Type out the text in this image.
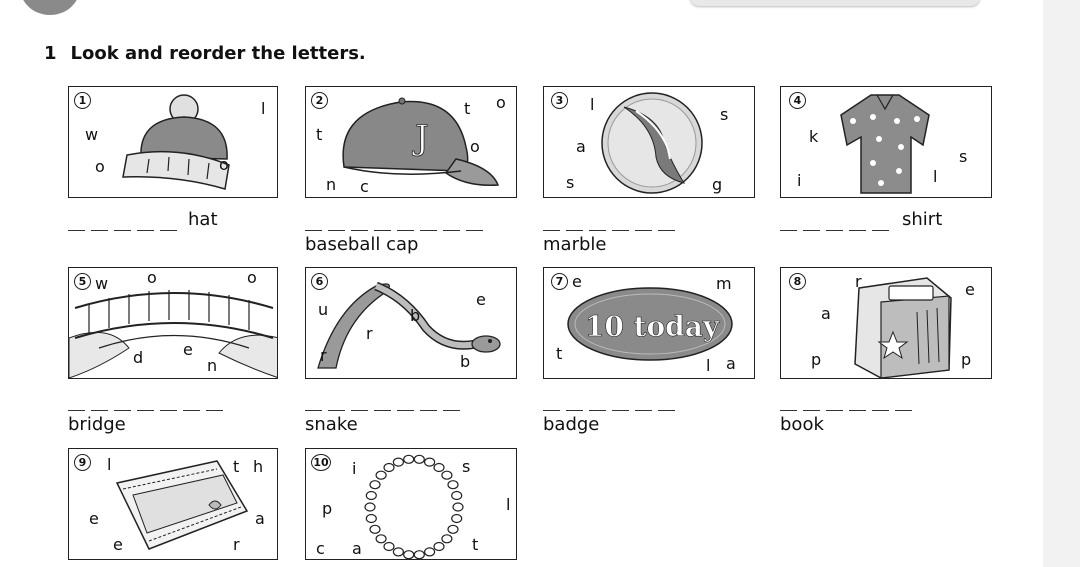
1 Look and reorder the letters.
1	l
w
o	o
hat
J
2	t o
t
o
n c
baseball cap
3 l
s
a
s	g
marble
4
k
s
i	l
shirt
5 w o	o
d e
n
bridge
6
u
e
b
r
r	b
snake
10 today
7 e	m
t
l a
badge
8	r	e
a
p	p
book
9 l	t h
e	a
e	r
10 i	s
p	l
c a	t
